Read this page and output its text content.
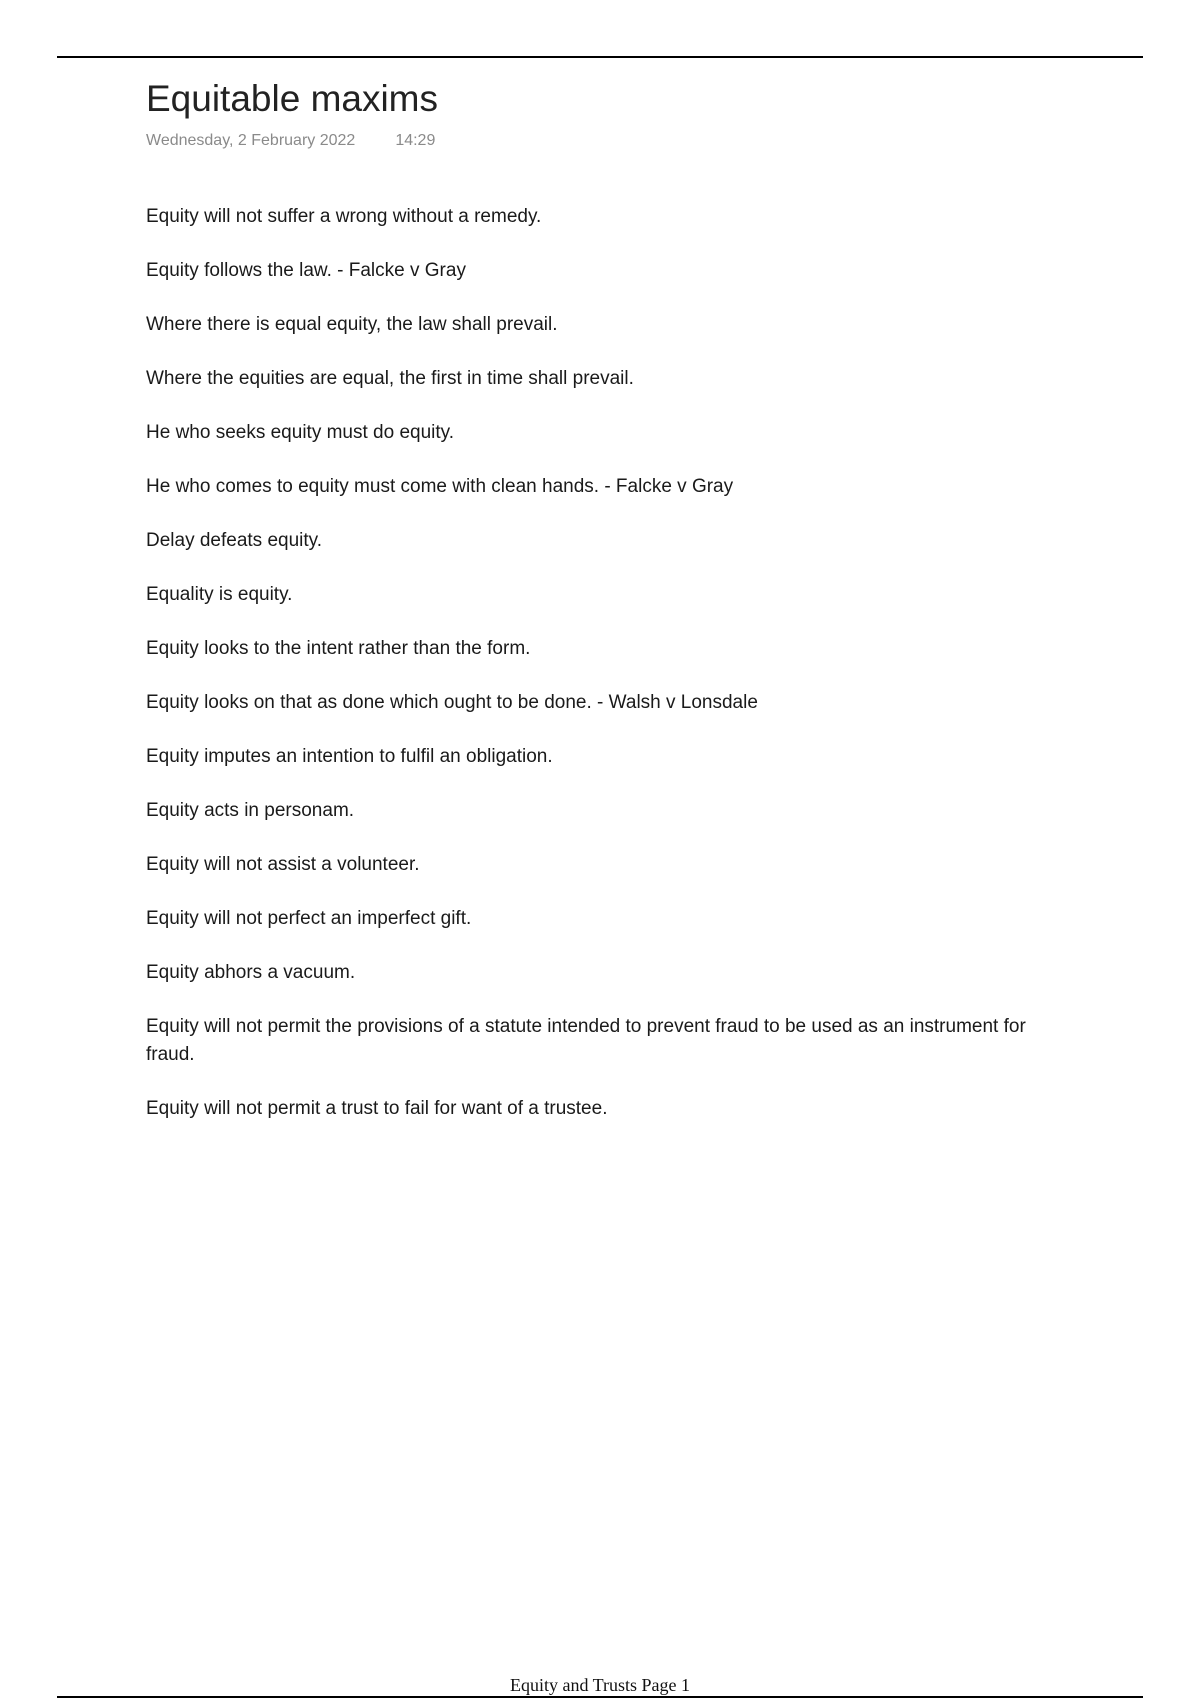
Equitable maxims
Wednesday, 2 February 2022	14:29
Equity will not suffer a wrong without a remedy.
Equity follows the law. - Falcke v Gray
Where there is equal equity, the law shall prevail.
Where the equities are equal, the first in time shall prevail.
He who seeks equity must do equity.
He who comes to equity must come with clean hands. - Falcke v Gray
Delay defeats equity.
Equality is equity.
Equity looks to the intent rather than the form.
Equity looks on that as done which ought to be done. - Walsh v Lonsdale
Equity imputes an intention to fulfil an obligation.
Equity acts in personam.
Equity will not assist a volunteer.
Equity will not perfect an imperfect gift.
Equity abhors a vacuum.
Equity will not permit the provisions of a statute intended to prevent fraud to be used as an instrument for fraud.
Equity will not permit a trust to fail for want of a trustee.
Equity and Trusts Page 1
